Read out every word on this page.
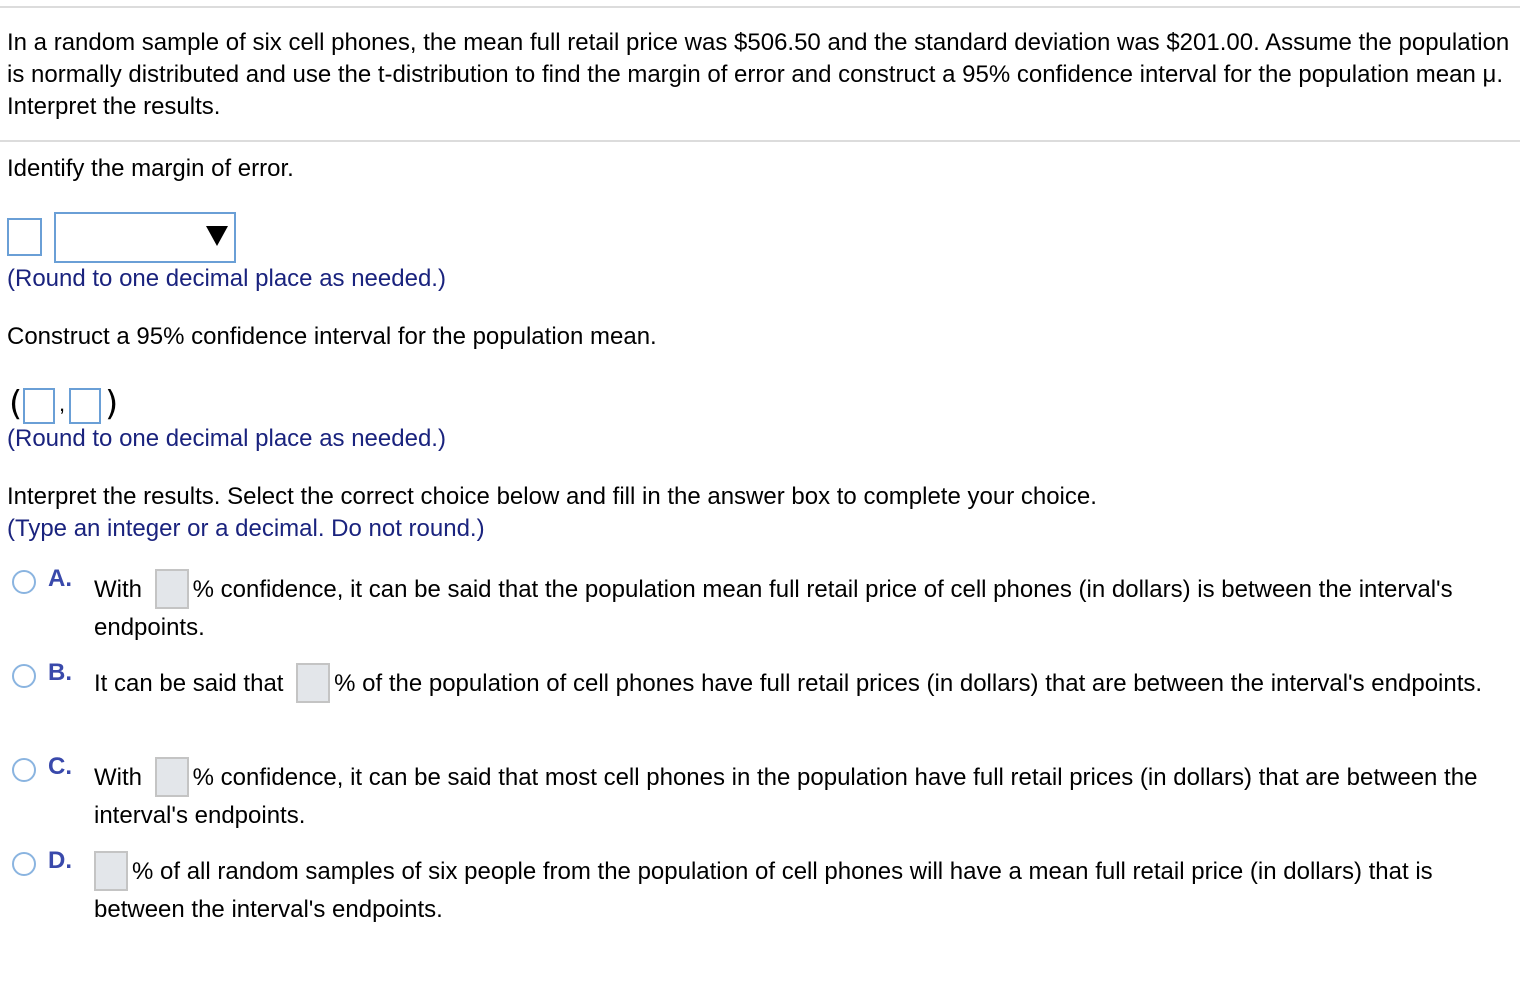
In a random sample of six cell phones, the mean full retail price was $506.50 and the standard deviation was $201.00. Assume the population is normally distributed and use the t-distribution to find the margin of error and construct a 95% confidence interval for the population mean μ. Interpret the results.
Identify the margin of error.
(Round to one decimal place as needed.)
Construct a 95% confidence interval for the population mean.
( , )
(Round to one decimal place as needed.)
Interpret the results. Select the correct choice below and fill in the answer box to complete your choice.
(Type an integer or a decimal. Do not round.)
A. With % confidence, it can be said that the population mean full retail price of cell phones (in dollars) is between the interval's endpoints.
B. It can be said that % of the population of cell phones have full retail prices (in dollars) that are between the interval's endpoints.
C. With % confidence, it can be said that most cell phones in the population have full retail prices (in dollars) that are between the interval's endpoints.
D.	% of all random samples of six people from the population of cell phones will have a mean full retail price (in dollars) that is between the interval's endpoints.
